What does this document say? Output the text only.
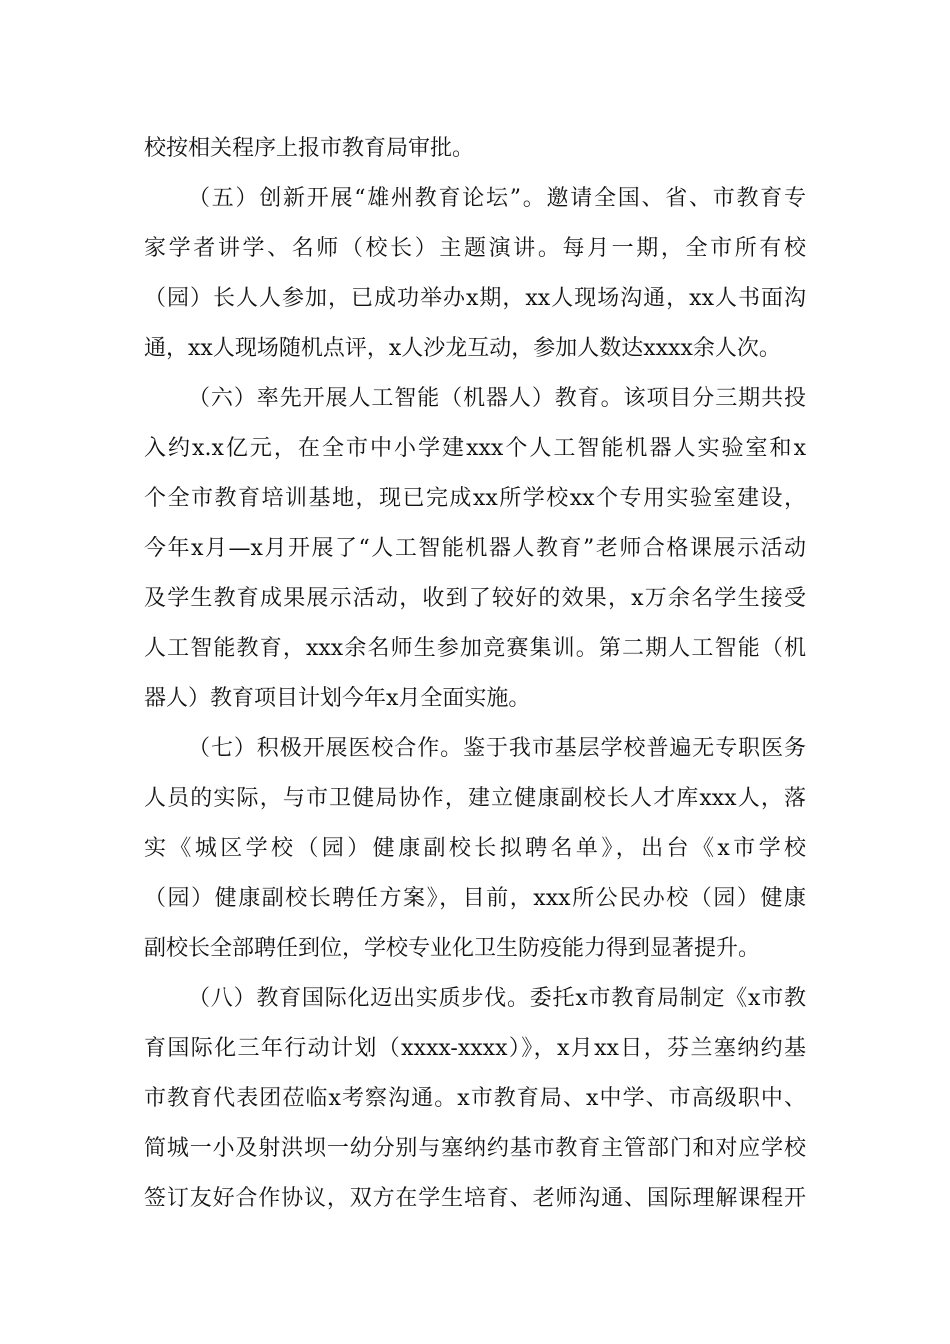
校按相关程序上报市教育局审批。

（五）创新开展“雄州教育论坛”。邀请全国、省、市教育专

家学者讲学、名师（校长）主题演讲。每月一期，全市所有校

（园）长人人参加，已成功举办x期，xx人现场沟通，xx人书面沟

通，xx人现场随机点评，x人沙龙互动，参加人数达xxxx余人次。

（六）率先开展人工智能（机器人）教育。该项目分三期共投

入约x.x亿元，在全市中小学建xxx个人工智能机器人实验室和x

个全市教育培训基地，现已完成xx所学校xx个专用实验室建设，

今年x月—x月开展了“人工智能机器人教育”老师合格课展示活动

及学生教育成果展示活动，收到了较好的效果，x万余名学生接受

人工智能教育，xxx余名师生参加竞赛集训。第二期人工智能（机

器人）教育项目计划今年x月全面实施。

（七）积极开展医校合作。鉴于我市基层学校普遍无专职医务

人员的实际，与市卫健局协作，建立健康副校长人才库xxx人，落

实《城区学校（园）健康副校长拟聘名单》，出台《x市学校

（园）健康副校长聘任方案》，目前，xxx所公民办校（园）健康

副校长全部聘任到位，学校专业化卫生防疫能力得到显著提升。

（八）教育国际化迈出实质步伐。委托x市教育局制定《x市教

育国际化三年行动计划（xxxx-xxxx）》，x月xx日，芬兰塞纳约基

市教育代表团莅临x考察沟通。x市教育局、x中学、市高级职中、

简城一小及射洪坝一幼分别与塞纳约基市教育主管部门和对应学校

签订友好合作协议，双方在学生培育、老师沟通、国际理解课程开
